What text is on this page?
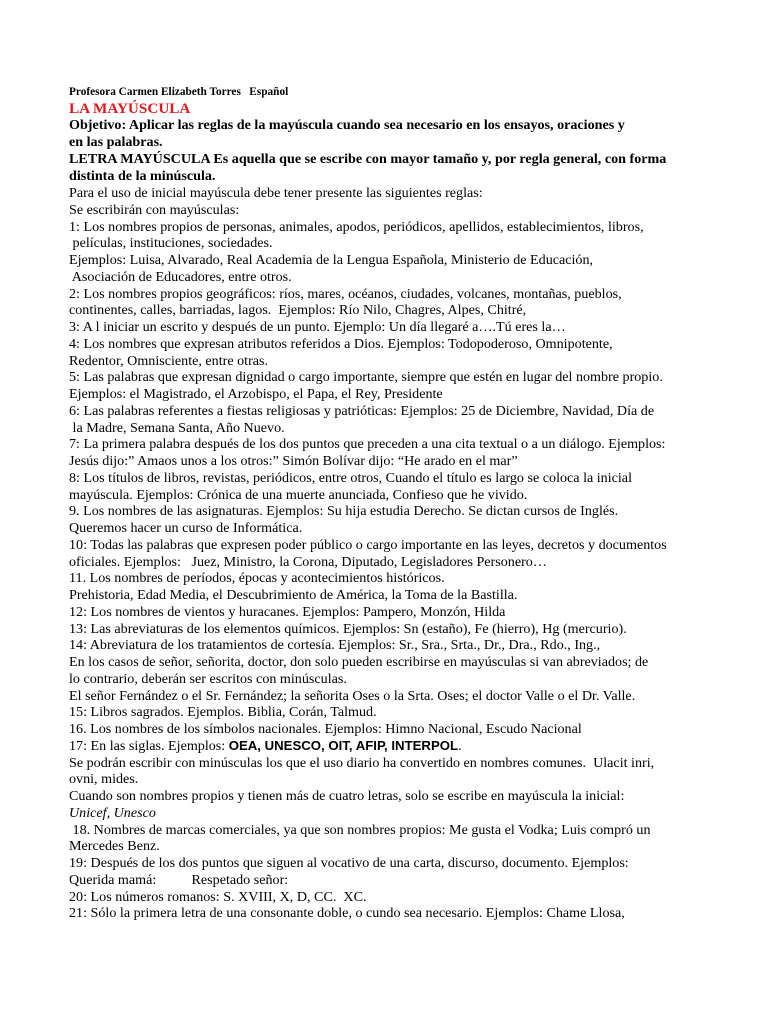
Profesora Carmen Elizabeth Torres   Español

LA MAYÚSCULA

Objetivo: Aplicar las reglas de la mayúscula cuando sea necesario en los ensayos, oraciones y

en las palabras.

LETRA MAYÚSCULA Es aquella que se escribe con mayor tamaño y, por regla general, con forma

distinta de la minúscula.

Para el uso de inicial mayúscula debe tener presente las siguientes reglas:

Se escribirán con mayúsculas:

1: Los nombres propios de personas, animales, apodos, periódicos, apellidos, establecimientos, libros,

películas, instituciones, sociedades.

Ejemplos: Luisa, Alvarado, Real Academia de la Lengua Española, Ministerio de Educación,

Asociación de Educadores, entre otros.

2: Los nombres propios geográficos: ríos, mares, océanos, ciudades, volcanes, montañas, pueblos,

continentes, calles, barriadas, lagos.  Ejemplos: Río Nilo, Chagres, Alpes, Chitré,

3: A l iniciar un escrito y después de un punto. Ejemplo: Un día llegaré a….Tú eres la…

4: Los nombres que expresan atributos referidos a Dios. Ejemplos: Todopoderoso, Omnipotente,

Redentor, Omnisciente, entre otras.

5: Las palabras que expresan dignidad o cargo importante, siempre que estén en lugar del nombre propio.

Ejemplos: el Magistrado, el Arzobispo, el Papa, el Rey, Presidente

6: Las palabras referentes a fiestas religiosas y patrióticas: Ejemplos: 25 de Diciembre, Navidad, Día de

la Madre, Semana Santa, Año Nuevo.

7: La primera palabra después de los dos puntos que preceden a una cita textual o a un diálogo. Ejemplos:

Jesús dijo:” Amaos unos a los otros:” Simón Bolívar dijo: “He arado en el mar”

8: Los títulos de libros, revistas, periódicos, entre otros, Cuando el título es largo se coloca la inicial

mayúscula. Ejemplos: Crónica de una muerte anunciada, Confieso que he vivido.

9. Los nombres de las asignaturas. Ejemplos: Su hija estudia Derecho. Se dictan cursos de Inglés.

Queremos hacer un curso de Informática.

10: Todas las palabras que expresen poder público o cargo importante en las leyes, decretos y documentos

oficiales. Ejemplos:   Juez, Ministro, la Corona, Diputado, Legisladores Personero…

11. Los nombres de períodos, épocas y acontecimientos históricos.

Prehistoria, Edad Media, el Descubrimiento de América, la Toma de la Bastilla.

12: Los nombres de vientos y huracanes. Ejemplos: Pampero, Monzón, Hilda

13: Las abreviaturas de los elementos químicos. Ejemplos: Sn (estaño), Fe (hierro), Hg (mercurio).

14: Abreviatura de los tratamientos de cortesía. Ejemplos: Sr., Sra., Srta., Dr., Dra., Rdo., Ing.,

En los casos de señor, señorita, doctor, don solo pueden escribirse en mayúsculas si van abreviados; de

lo contrario, deberán ser escritos con minúsculas.

El señor Fernández o el Sr. Fernández; la señorita Oses o la Srta. Oses; el doctor Valle o el Dr. Valle.

15: Libros sagrados. Ejemplos. Biblia, Corán, Talmud.

16. Los nombres de los símbolos nacionales. Ejemplos: Himno Nacional, Escudo Nacional

17: En las siglas. Ejemplos: OEA, UNESCO, OIT, AFIP, INTERPOL.

Se podrán escribir con minúsculas los que el uso diario ha convertido en nombres comunes.  Ulacit inri,

ovni, mides.

Cuando son nombres propios y tienen más de cuatro letras, solo se escribe en mayúscula la inicial:

Unicef, Unesco

18. Nombres de marcas comerciales, ya que son nombres propios: Me gusta el Vodka; Luis compró un

Mercedes Benz.

19: Después de los dos puntos que siguen al vocativo de una carta, discurso, documento. Ejemplos:

Querida mamá:          Respetado señor:

20: Los números romanos: S. XVIII, X, D, CC.  XC.

21: Sólo la primera letra de una consonante doble, o cundo sea necesario. Ejemplos: Chame Llosa,
